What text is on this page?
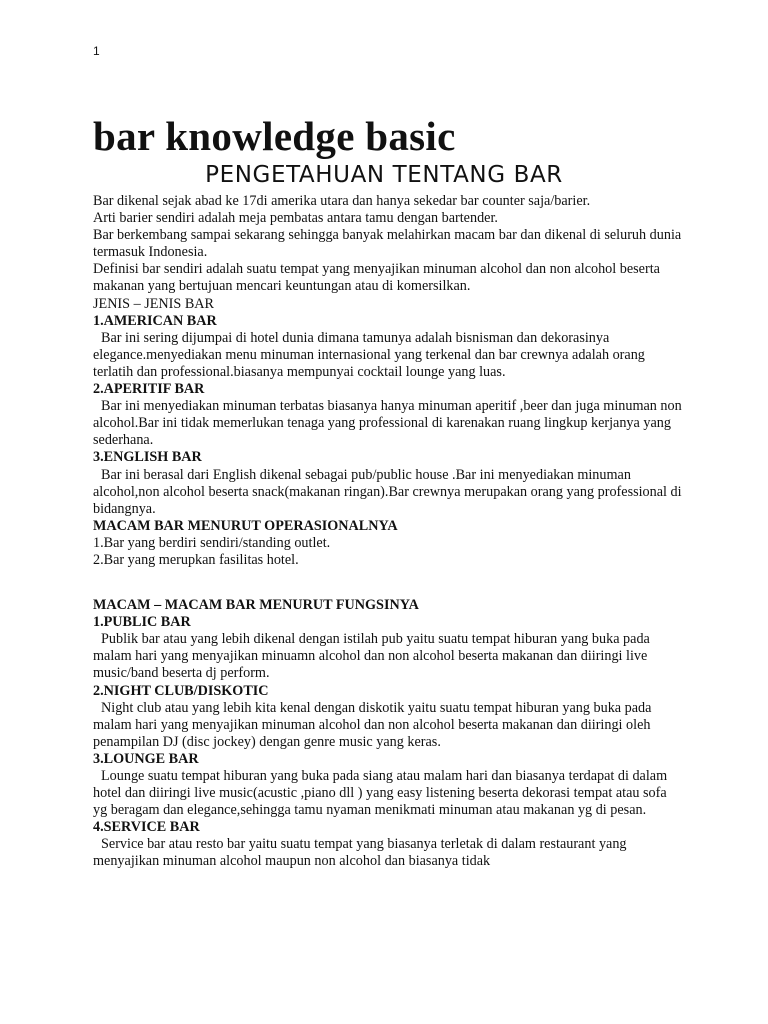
1
bar knowledge basic
PENGETAHUAN TENTANG BAR

Bar dikenal sejak abad ke 17di amerika utara dan hanya sekedar bar counter saja/barier.

Arti barier sendiri adalah meja pembatas antara tamu dengan bartender.

Bar berkembang sampai sekarang sehingga banyak melahirkan macam bar dan dikenal di seluruh dunia termasuk Indonesia.

Definisi bar sendiri adalah suatu tempat yang menyajikan minuman alcohol dan non alcohol beserta makanan yang bertujuan mencari keuntungan atau di komersilkan.

JENIS – JENIS BAR

1.AMERICAN BAR

Bar ini sering dijumpai di hotel dunia dimana tamunya adalah bisnisman dan dekorasinya elegance.menyediakan menu minuman internasional yang terkenal dan bar crewnya adalah orang terlatih dan professional.biasanya mempunyai cocktail lounge yang luas.

2.APERITIF BAR

Bar ini menyediakan minuman terbatas biasanya hanya minuman aperitif ,beer dan juga minuman non alcohol.Bar ini tidak memerlukan tenaga yang professional di karenakan ruang lingkup kerjanya yang sederhana.

3.ENGLISH BAR

Bar ini berasal dari English dikenal sebagai pub/public house .Bar ini menyediakan minuman alcohol,non alcohol beserta snack(makanan ringan).Bar crewnya merupakan orang yang professional di bidangnya.

MACAM BAR MENURUT OPERASIONALNYA

1.Bar yang berdiri sendiri/standing outlet.

2.Bar yang merupkan fasilitas hotel.

MACAM – MACAM BAR MENURUT FUNGSINYA

1.PUBLIC BAR

Publik bar atau yang lebih dikenal dengan istilah pub yaitu suatu tempat hiburan yang buka pada malam hari yang menyajikan minuamn alcohol dan non alcohol beserta makanan dan diiringi live music/band beserta dj perform.

2.NIGHT CLUB/DISKOTIC

Night club atau yang lebih kita kenal dengan diskotik yaitu suatu tempat hiburan yang buka pada malam hari yang menyajikan minuman alcohol dan non alcohol beserta makanan dan diiringi oleh penampilan DJ (disc jockey) dengan genre music yang keras.

3.LOUNGE BAR

Lounge suatu tempat hiburan yang buka pada siang atau malam hari dan biasanya terdapat di dalam hotel dan diiringi live music(acustic ,piano dll ) yang easy listening beserta dekorasi tempat atau sofa yg beragam dan elegance,sehingga tamu nyaman menikmati minuman atau makanan yg di pesan.

4.SERVICE BAR

Service bar atau resto bar yaitu suatu tempat yang biasanya terletak di dalam restaurant yang menyajikan minuman alcohol maupun non alcohol dan biasanya tidak
